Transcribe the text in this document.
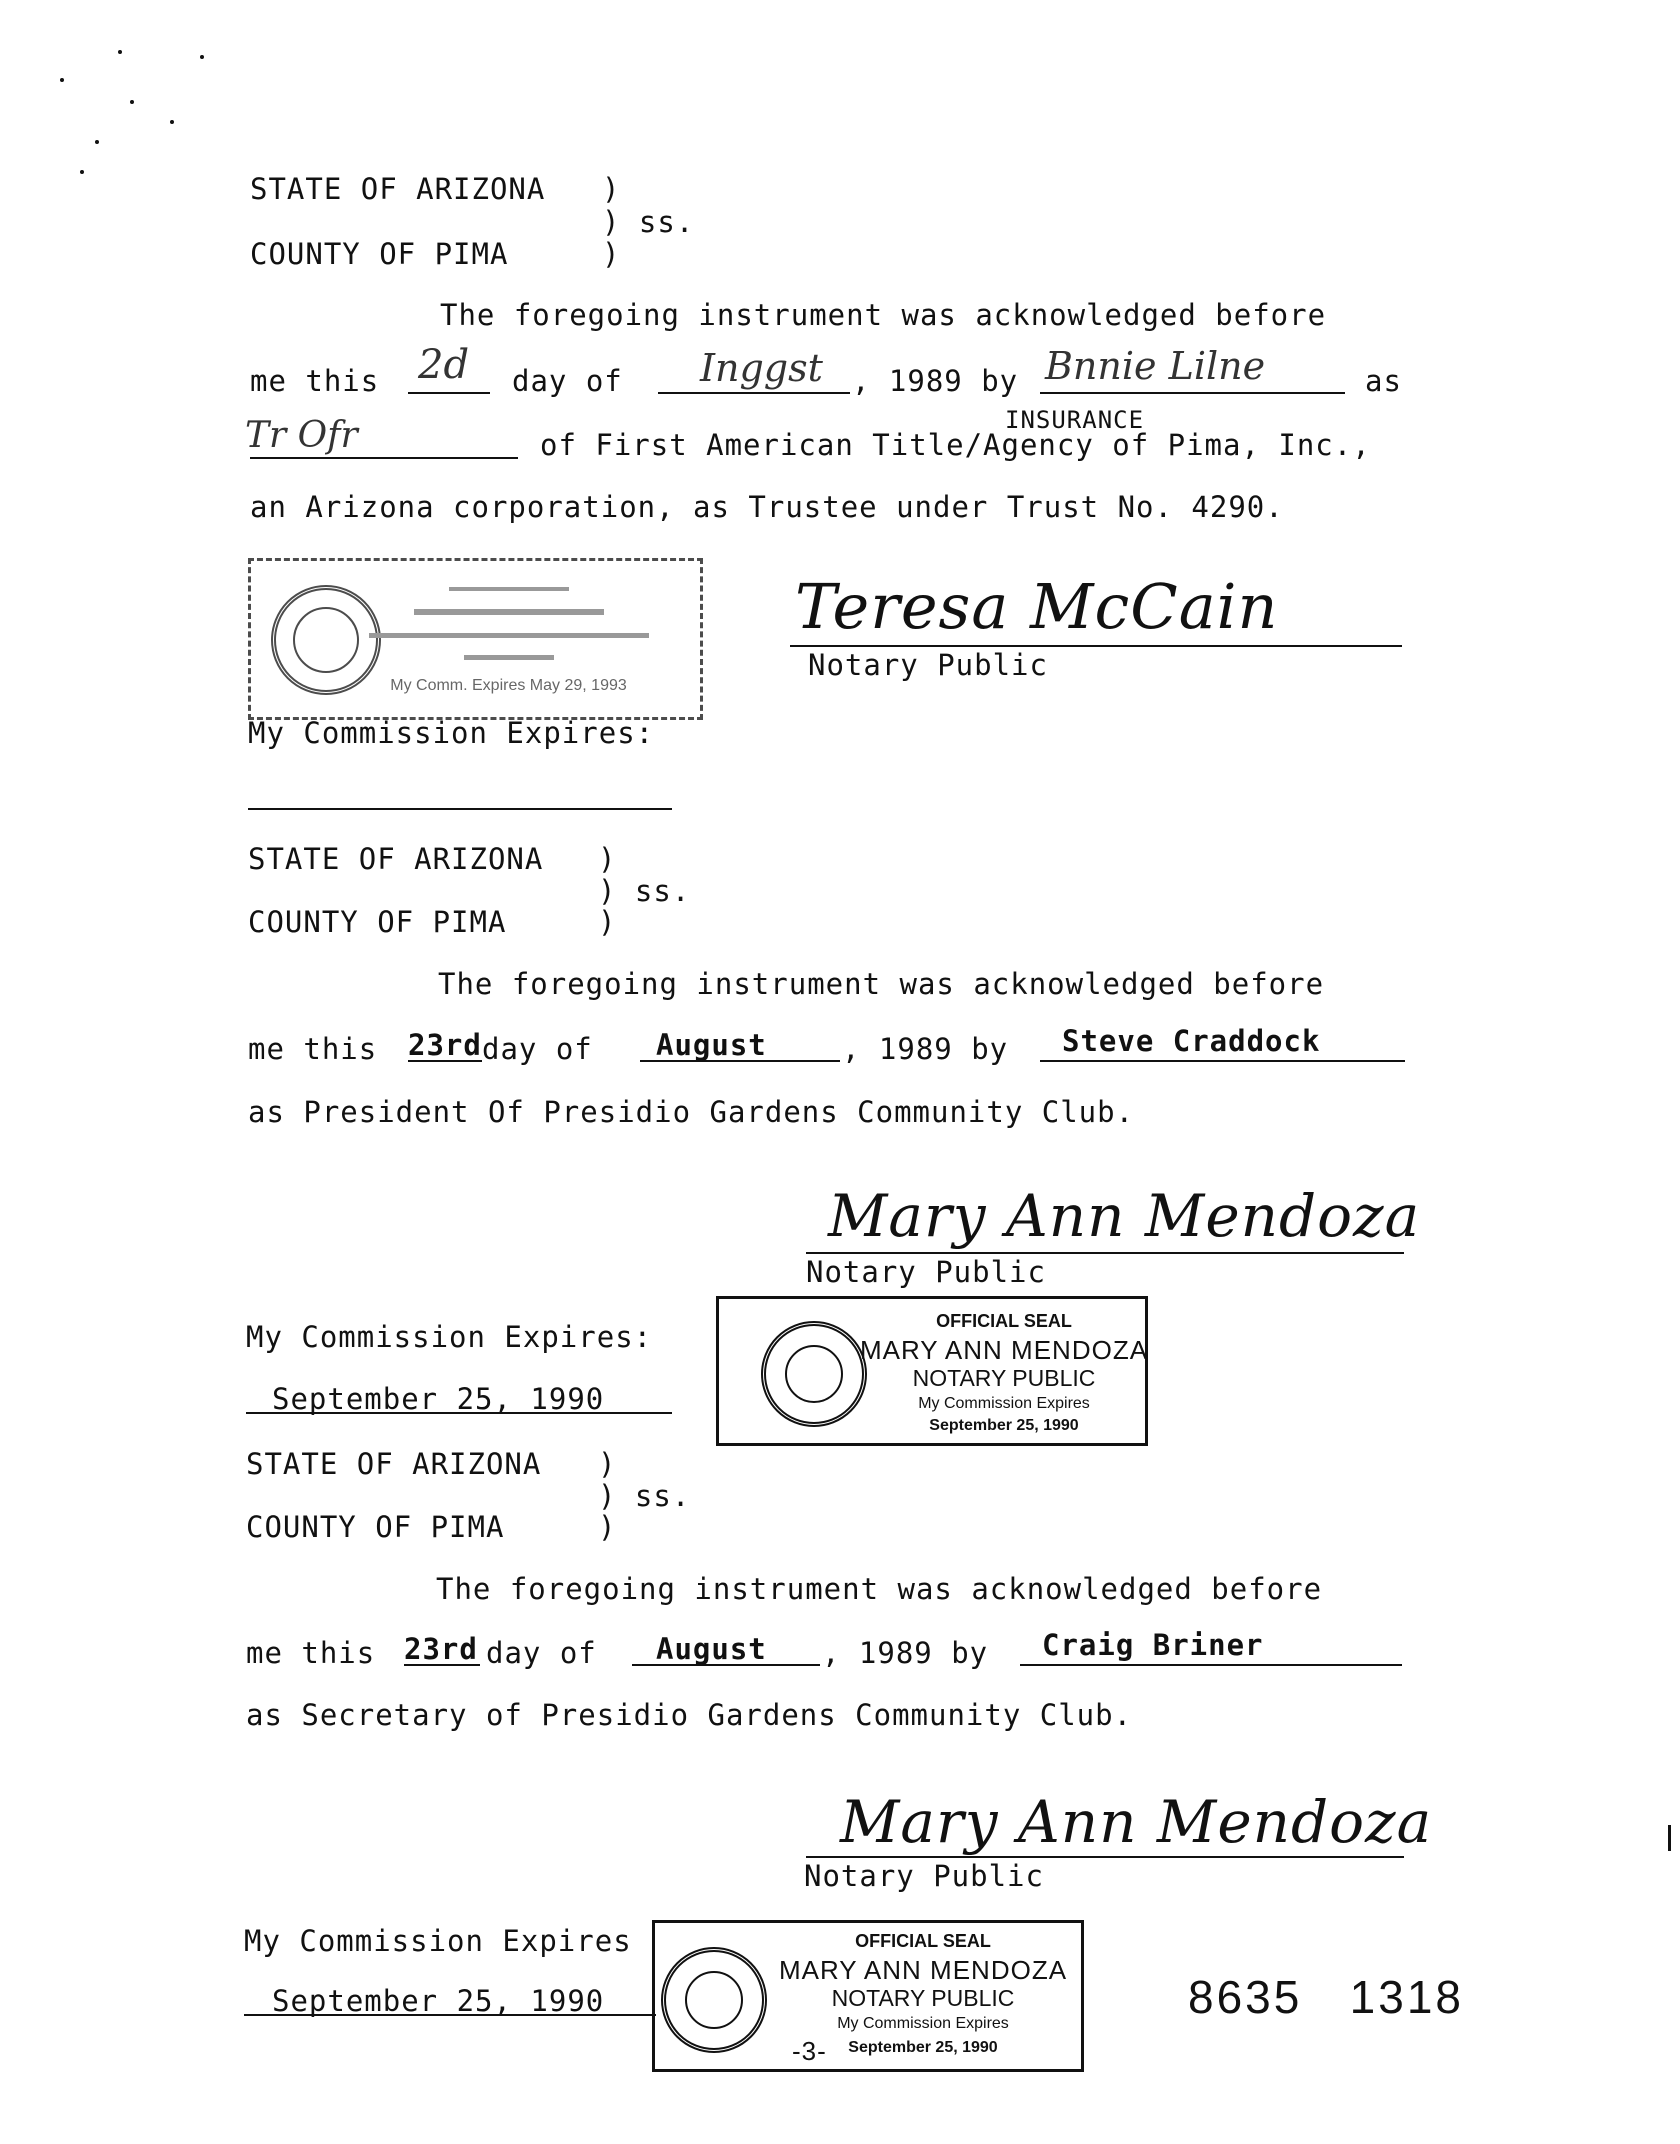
STATE OF ARIZONA )
) ss.
COUNTY OF PIMA	)
The foregoing instrument was acknowledged before
me this 2d day of Inggst , 1989 by Bnnie Lilne	as
INSURANCE
Tr Ofr	of First American Title/Agency of Pima, Inc.,
an Arizona corporation, as Trustee under Trust No. 4290.
My Comm. Expires May 29, 1993
Teresa McCain
Notary Public
My Commission Expires:
STATE OF ARIZONA )
) ss.
COUNTY OF PIMA	)
The foregoing instrument was acknowledged before
me this 23rd day of August	, 1989 by Steve Craddock
as President Of Presidio Gardens Community Club.
Mary Ann Mendoza
Notary Public
My Commission Expires:
September 25, 1990
OFFICIAL SEAL
MARY ANN MENDOZA
NOTARY PUBLIC
My Commission Expires
September 25, 1990
STATE OF ARIZONA )
) ss.
COUNTY OF PIMA	)
The foregoing instrument was acknowledged before
me this 23rd day of August , 1989 by Craig Briner
as Secretary of Presidio Gardens Community Club.
Mary Ann Mendoza
Notary Public
My Commission Expires
September 25, 1990
OFFICIAL SEAL
MARY ANN MENDOZA
NOTARY PUBLIC
My Commission Expires
September 25, 1990
-3-
8635   1318
